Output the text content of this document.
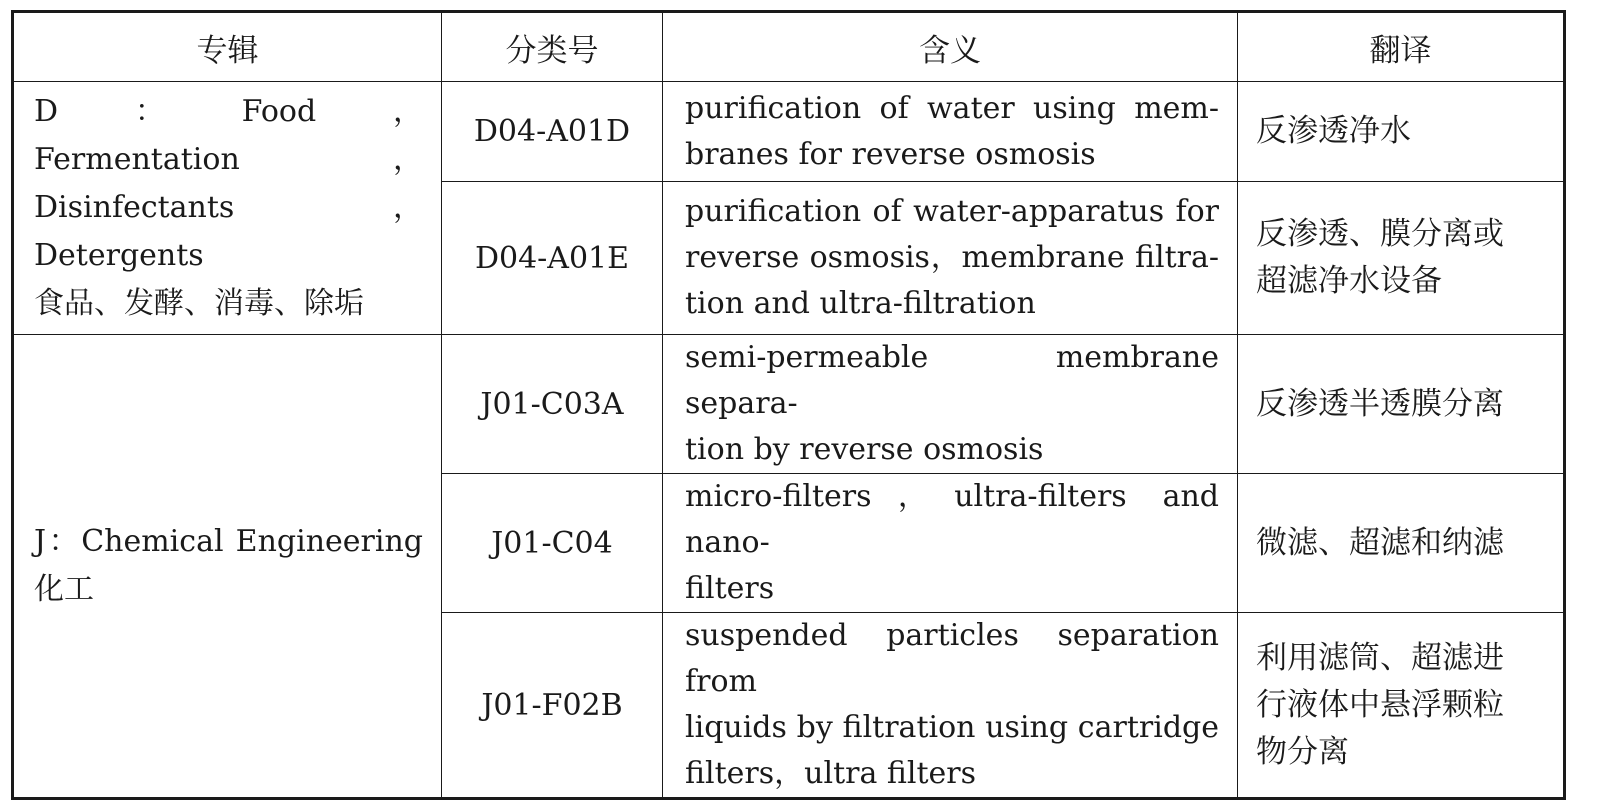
专辑	分类号	含义	翻译

D：Food，Fermentation，
Disinfectants，Detergents
食品、发酵、消毒、除垢	D04-A01D	purification of water using mem-
branes for reverse osmosis	反渗透净水

	D04-A01E	purification of water-apparatus for
reverse osmosis，membrane filtra-
tion and ultra-filtration	反渗透、膜分离或
超滤净水设备

J：Chemical Engineering
化工	J01-C03A	semi-permeable membrane separa-
tion by reverse osmosis	反渗透半透膜分离

	J01-C04	micro-filters，ultra-filters and nano-
filters	微滤、超滤和纳滤

	J01-F02B	suspended particles separation from
liquids by filtration using cartridge
filters，ultra filters	利用滤筒、超滤进
行液体中悬浮颗粒
物分离
